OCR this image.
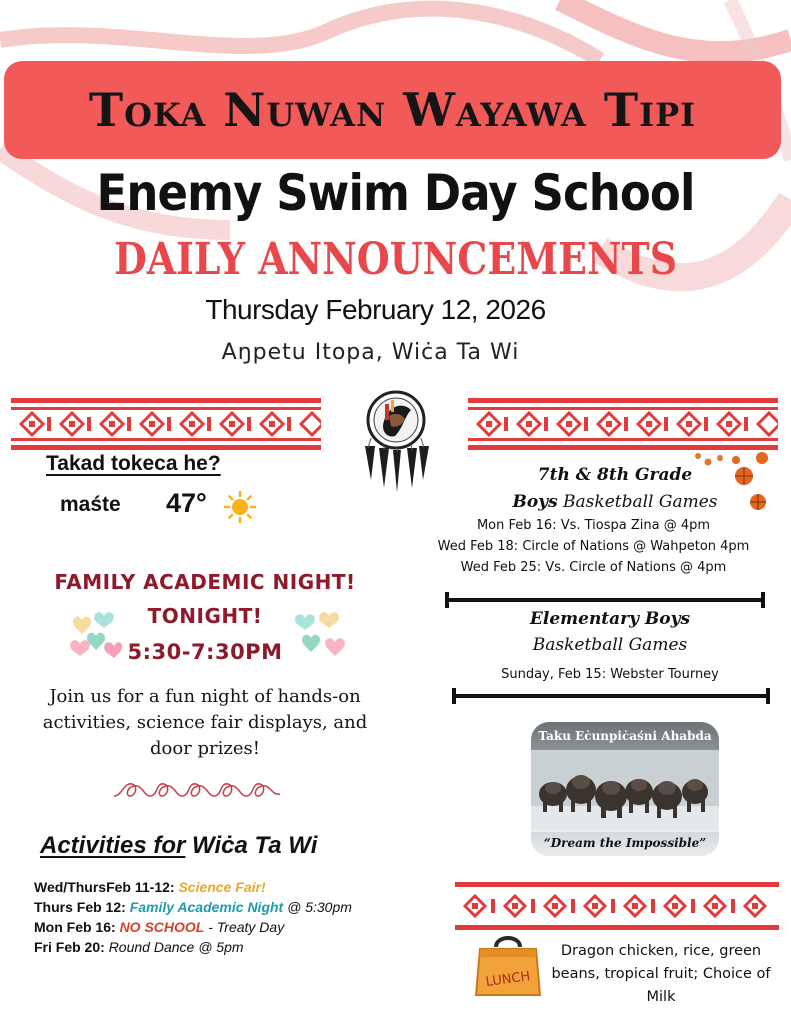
Toka Nuwan Wayawa Tipi
Enemy Swim Day School
DAILY ANNOUNCEMENTS
Thursday February 12, 2026
Aŋpetu Itopa, Wiċa Ta Wi
Takad tokeca he?
maśte 47°
FAMILY ACADEMIC NIGHT!
TONIGHT!
5:30-7:30PM
Join us for a fun night of hands-on activities, science fair displays, and door prizes!
Activities for Wiċa Ta Wi
Wed/ThursFeb 11-12: Science Fair!
Thurs Feb 12: Family Academic Night @ 5:30pm
Mon Feb 16: NO SCHOOL - Treaty Day
Fri Feb 20: Round Dance @ 5pm
7th & 8th Grade
Boys Basketball Games
Mon Feb 16: Vs. Tiospa Zina @ 4pm
Wed Feb 18: Circle of Nations @ Wahpeton 4pm
Wed Feb 25: Vs. Circle of Nations @ 4pm
Elementary Boys
Basketball Games
Sunday, Feb 15: Webster Tourney
Taku Eċunpiċaśni Ahabda
“Dream the Impossible”
LUNCH
Dragon chicken, rice, green beans, tropical fruit; Choice of Milk
